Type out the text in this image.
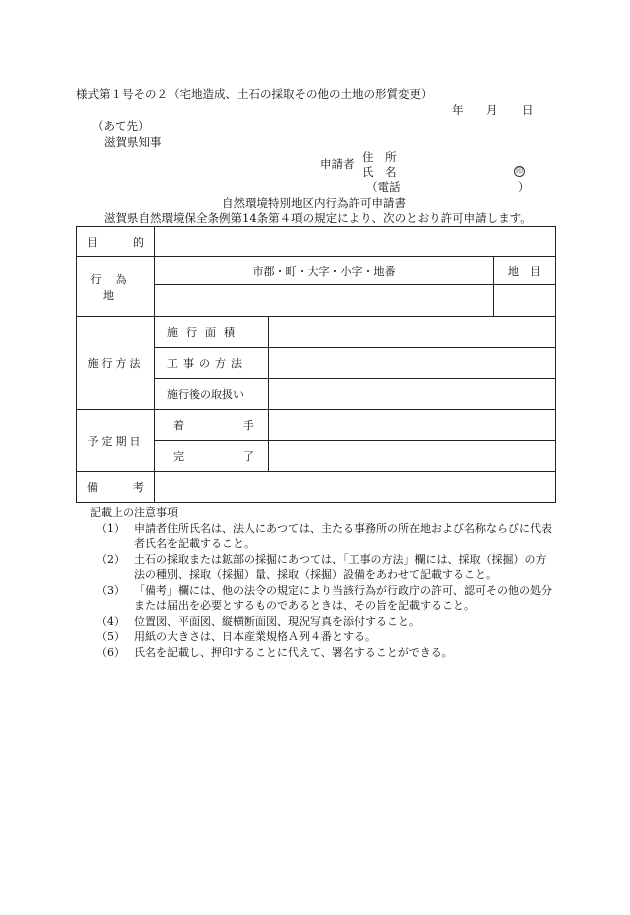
様式第１号その２（宅地造成、土石の採取その他の土地の形質変更）
年 月 日
（あて先）
滋賀県知事
申請者 住　所
氏　名	印
（電話	）
自然環境特別地区内行為許可申請書
滋賀県自然環境保全条例第14条第４項の規定により、次のとおり許可申請します。
目 的			

行為地	市郡・町・大字・小字・地番		地　目

施行方法	施行面積		
	工事の方法		
	施行後の取扱い		
予定期日	着 手		

	完 了		

備 考			

記載上の注意事項
（1） 申請者住所氏名は、法人にあつては、主たる事務所の所在地および名称ならびに代表者氏名を記載すること。
（2） 土石の採取または鉱部の採掘にあつては、「工事の方法」欄には、採取（採掘）の方法の種別、採取（採掘）量、採取（採掘）設備をあわせて記載すること。
（3） 「備考」欄には、他の法令の規定により当該行為が行政庁の許可、認可その他の処分または届出を必要とするものであるときは、その旨を記載すること。
（4） 位置図、平面図、縦横断面図、現況写真を添付すること。
（5） 用紙の大きさは、日本産業規格Ａ列４番とする。
（6） 氏名を記載し、押印することに代えて、署名することができる。
